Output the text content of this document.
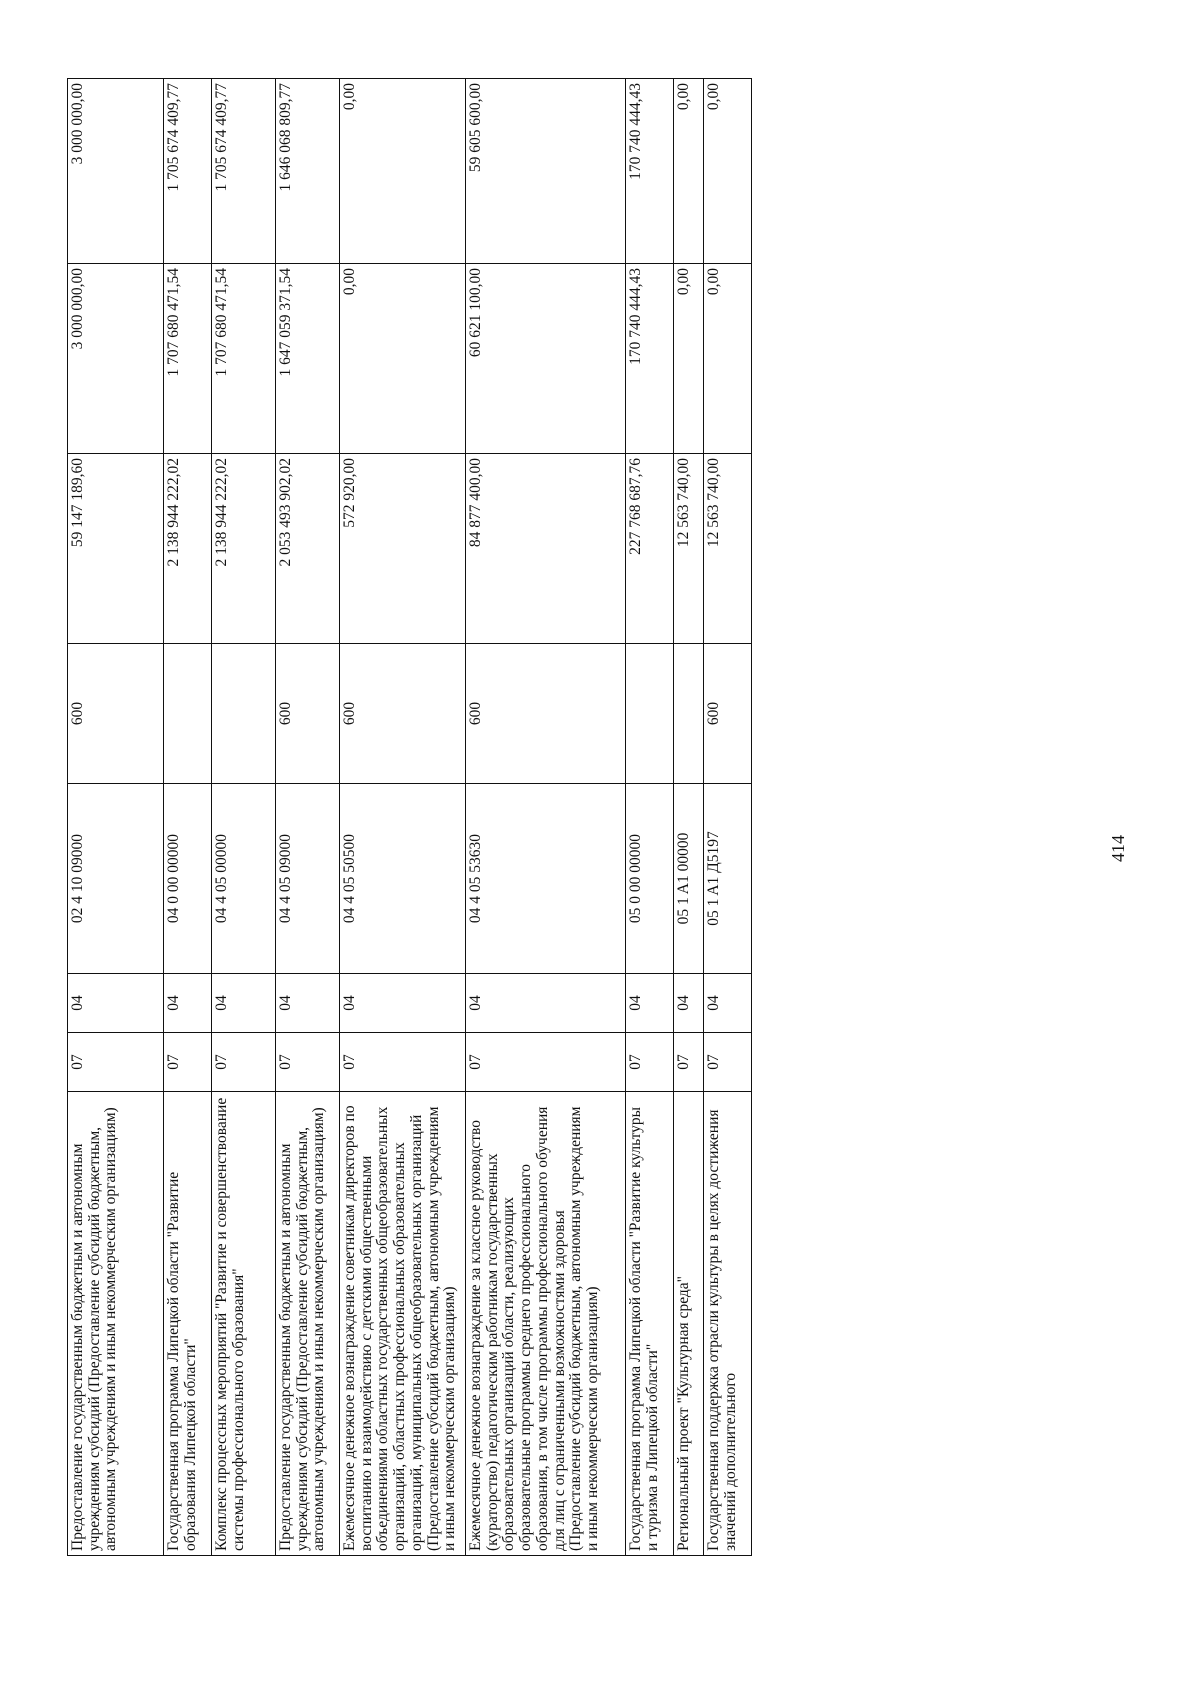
414
Предоставление государственным бюджетным и автономным учреждениям субсидий (Предоставление субсидий бюджетным, автономным учреждениям и иным некоммерческим организациям)	07	04	02 4 10 09000	600	59 147 189,60	3 000 000,00	3 000 000,00
Государственная программа Липецкой области "Развитие образования Липецкой области"	07	04	04 0 00 00000		2 138 944 222,02	1 707 680 471,54	1 705 674 409,77
Комплекс процессных мероприятий "Развитие и совершенствование системы профессионального образования"	07	04	04 4 05 00000		2 138 944 222,02	1 707 680 471,54	1 705 674 409,77
Предоставление государственным бюджетным и автономным учреждениям субсидий (Предоставление субсидий бюджетным, автономным учреждениям и иным некоммерческим организациям)	07	04	04 4 05 09000	600	2 053 493 902,02	1 647 059 371,54	1 646 068 809,77
Ежемесячное денежное вознаграждение советникам директоров по воспитанию и взаимодействию с детскими общественными объединениями областных государственных общеобразовательных организаций, областных профессиональных образовательных организаций, муниципальных общеобразовательных организаций (Предоставление субсидий бюджетным, автономным учреждениям и иным некоммерческим организациям)	07	04	04 4 05 50500	600	572 920,00	0,00	0,00
Ежемесячное денежное вознаграждение за классное руководство (кураторство) педагогическим работникам государственных образовательных организаций области, реализующих образовательные программы среднего профессионального образования, в том числе программы профессионального обучения для лиц с ограниченными возможностями здоровья (Предоставление субсидий бюджетным, автономным учреждениям и иным некоммерческим организациям)	07	04	04 4 05 53630	600	84 877 400,00	60 621 100,00	59 605 600,00
Государственная программа Липецкой области "Развитие культуры и туризма в Липецкой области"	07	04	05 0 00 00000		227 768 687,76	170 740 444,43	170 740 444,43
Региональный проект "Культурная среда"	07	04	05 1 A1 00000		12 563 740,00	0,00	0,00
Государственная поддержка отрасли культуры в целях достижения значений дополнительного	07	04	05 1 A1 Д5197	600	12 563 740,00	0,00	0,00
